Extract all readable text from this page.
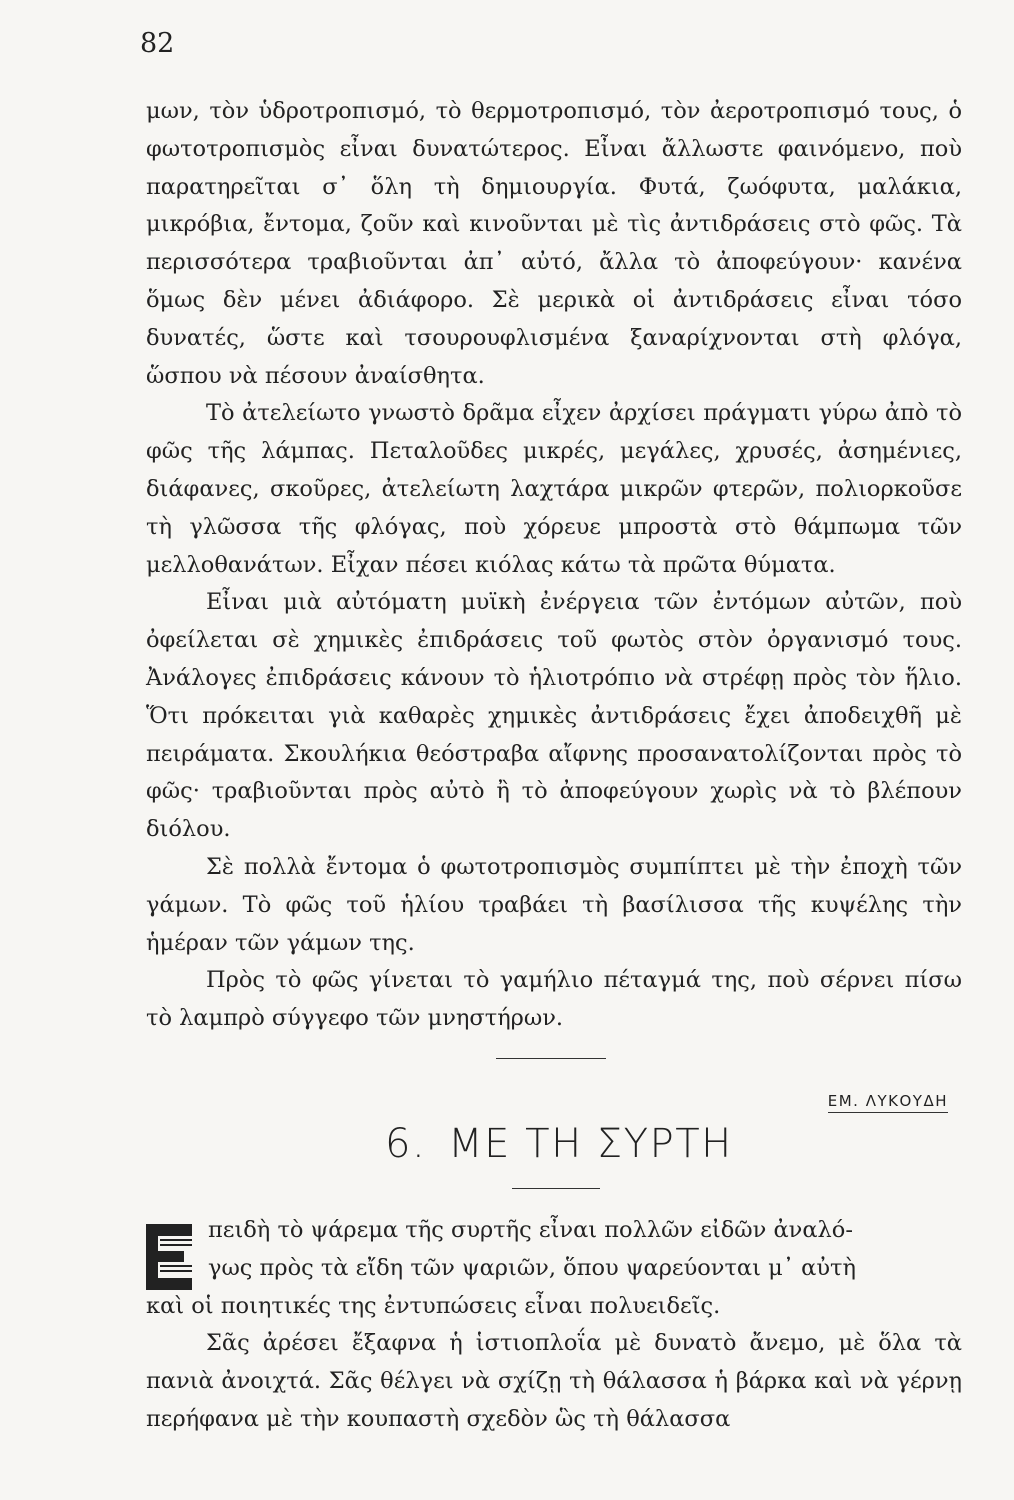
82

μων, τὸν ὑδροτροπισμό, τὸ θερμοτροπισμό, τὸν ἀεροτροπισμό τους, ὁ φωτοτροπισμὸς εἶναι δυνατώτερος. Εἶναι ἄλλωστε φαινόμενο, ποὺ παρατηρεῖται σ᾽ ὅλη τὴ δημιουργία. Φυτά, ζωόφυτα, μαλάκια, μικρόβια, ἔντομα, ζοῦν καὶ κινοῦνται μὲ τὶς ἀντιδράσεις στὸ φῶς. Τὰ περισσότερα τραβιοῦνται ἀπ᾽ αὐτό, ἄλλα τὸ ἀποφεύγουν· κανένα ὅμως δὲν μένει ἀδιάφορο. Σὲ μερικὰ οἱ ἀντιδράσεις εἶναι τόσο δυνατές, ὥστε καὶ τσουρουφλισμένα ξαναρίχνονται στὴ φλόγα, ὥσπου νὰ πέσουν ἀναίσθητα.

Τὸ ἀτελείωτο γνωστὸ δρᾶμα εἶχεν ἀρχίσει πράγματι γύρω ἀπὸ τὸ φῶς τῆς λάμπας. Πεταλοῦδες μικρές, μεγάλες, χρυσές, ἀσημένιες, διάφανες, σκοῦρες, ἀτελείωτη λαχτάρα μικρῶν φτερῶν, πολιορκοῦσε τὴ γλῶσσα τῆς φλόγας, ποὺ χόρευε μπροστὰ στὸ θάμπωμα τῶν μελλοθανάτων. Εἶχαν πέσει κιόλας κάτω τὰ πρῶτα θύματα.

Εἶναι μιὰ αὐτόματη μυϊκὴ ἐνέργεια τῶν ἐντόμων αὐτῶν, ποὺ ὀφείλεται σὲ χημικὲς ἐπιδράσεις τοῦ φωτὸς στὸν ὀργανισμό τους. Ἀνάλογες ἐπιδράσεις κάνουν τὸ ἡλιοτρόπιο νὰ στρέφῃ πρὸς τὸν ἥλιο. Ὅτι πρόκειται γιὰ καθαρὲς χημικὲς ἀντιδράσεις ἔχει ἀποδειχθῆ μὲ πειράματα. Σκουλήκια θεόστραβα αἴφνης προσανατολίζονται πρὸς τὸ φῶς· τραβιοῦνται πρὸς αὐτὸ ἢ τὸ ἀποφεύγουν χωρὶς νὰ τὸ βλέπουν διόλου.

Σὲ πολλὰ ἔντομα ὁ φωτοτροπισμὸς συμπίπτει μὲ τὴν ἐποχὴ τῶν γάμων. Τὸ φῶς τοῦ ἡλίου τραβάει τὴ βασίλισσα τῆς κυψέλης τὴν ἡμέραν τῶν γάμων της.

Πρὸς τὸ φῶς γίνεται τὸ γαμήλιο πέταγμά της, ποὺ σέρνει πίσω τὸ λαμπρὸ σύγγεφο τῶν μνηστήρων.

ΕΜ. ΛΥΚΟΥΔΗ
6. ΜΕ ΤΗ ΣΥΡΤΗ

πειδὴ τὸ ψάρεμα τῆς συρτῆς εἶναι πολλῶν εἰδῶν ἀναλό-
γως πρὸς τὰ εἴδη τῶν ψαριῶν, ὅπου ψαρεύονται μ᾽ αὐτὴ
καὶ οἱ ποιητικές της ἐντυπώσεις εἶναι πολυειδεῖς.

Σᾶς ἀρέσει ἔξαφνα ἡ ἱστιοπλοΐα μὲ δυνατὸ ἄνεμο, μὲ ὅλα τὰ πανιὰ ἀνοιχτά. Σᾶς θέλγει νὰ σχίζῃ τὴ θάλασσα ἡ βάρκα καὶ νὰ γέρνῃ περήφανα μὲ τὴν κουπαστὴ σχεδὸν ὣς τὴ θάλασσα
